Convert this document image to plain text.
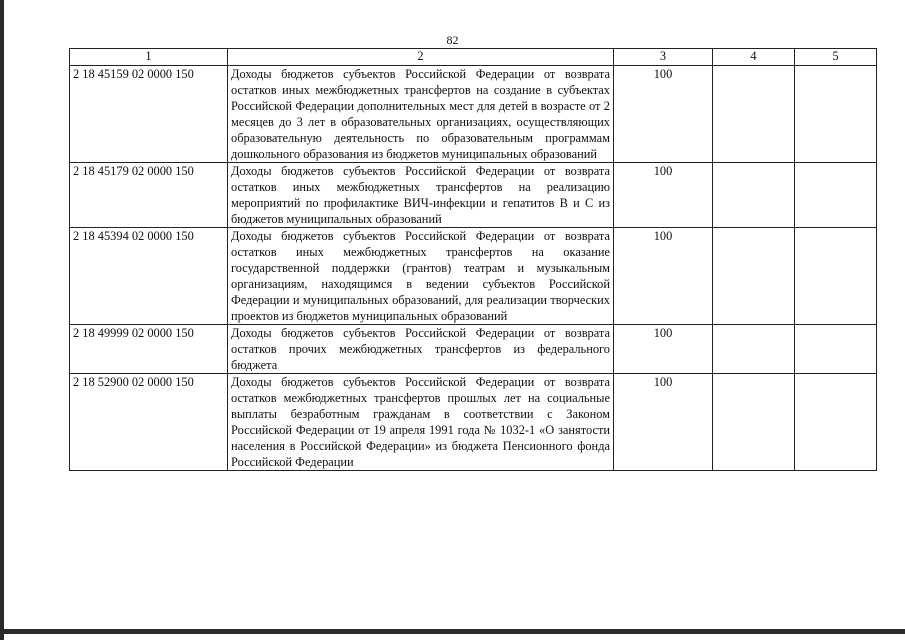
82
1	2	3	4	5
2 18 45159 02 0000 150	Доходы бюджетов субъектов Российской Федерации от возврата остатков иных межбюджетных трансфертов на создание в субъектах Российской Федерации дополнительных мест для детей в возрасте от 2 месяцев до 3 лет в образовательных организациях, осуществляющих образовательную деятельность по образовательным программам дошкольного образования из бюджетов муниципальных образований	100		
2 18 45179 02 0000 150	Доходы бюджетов субъектов Российской Федерации от возврата остатков иных межбюджетных трансфертов на реализацию мероприятий по профилактике ВИЧ-инфекции и гепатитов В и С из бюджетов муниципальных образований	100		
2 18 45394 02 0000 150	Доходы бюджетов субъектов Российской Федерации от возврата остатков иных межбюджетных трансфертов на оказание государственной поддержки (грантов) театрам и музыкальным организациям, находящимся в ведении субъектов Российской Федерации и муниципальных образований, для реализации творческих проектов из бюджетов муниципальных образований	100		
2 18 49999 02 0000 150	Доходы бюджетов субъектов Российской Федерации от возврата остатков прочих межбюджетных трансфертов из федерального бюджета	100		
2 18 52900 02 0000 150	Доходы бюджетов субъектов Российской Федерации от возврата остатков межбюджетных трансфертов прошлых лет на социальные выплаты безработным гражданам в соответствии с Законом Российской Федерации от 19 апреля 1991 года № 1032-1 «О занятости населения в Российской Федерации» из бюджета Пенсионного фонда Российской Федерации	100		
